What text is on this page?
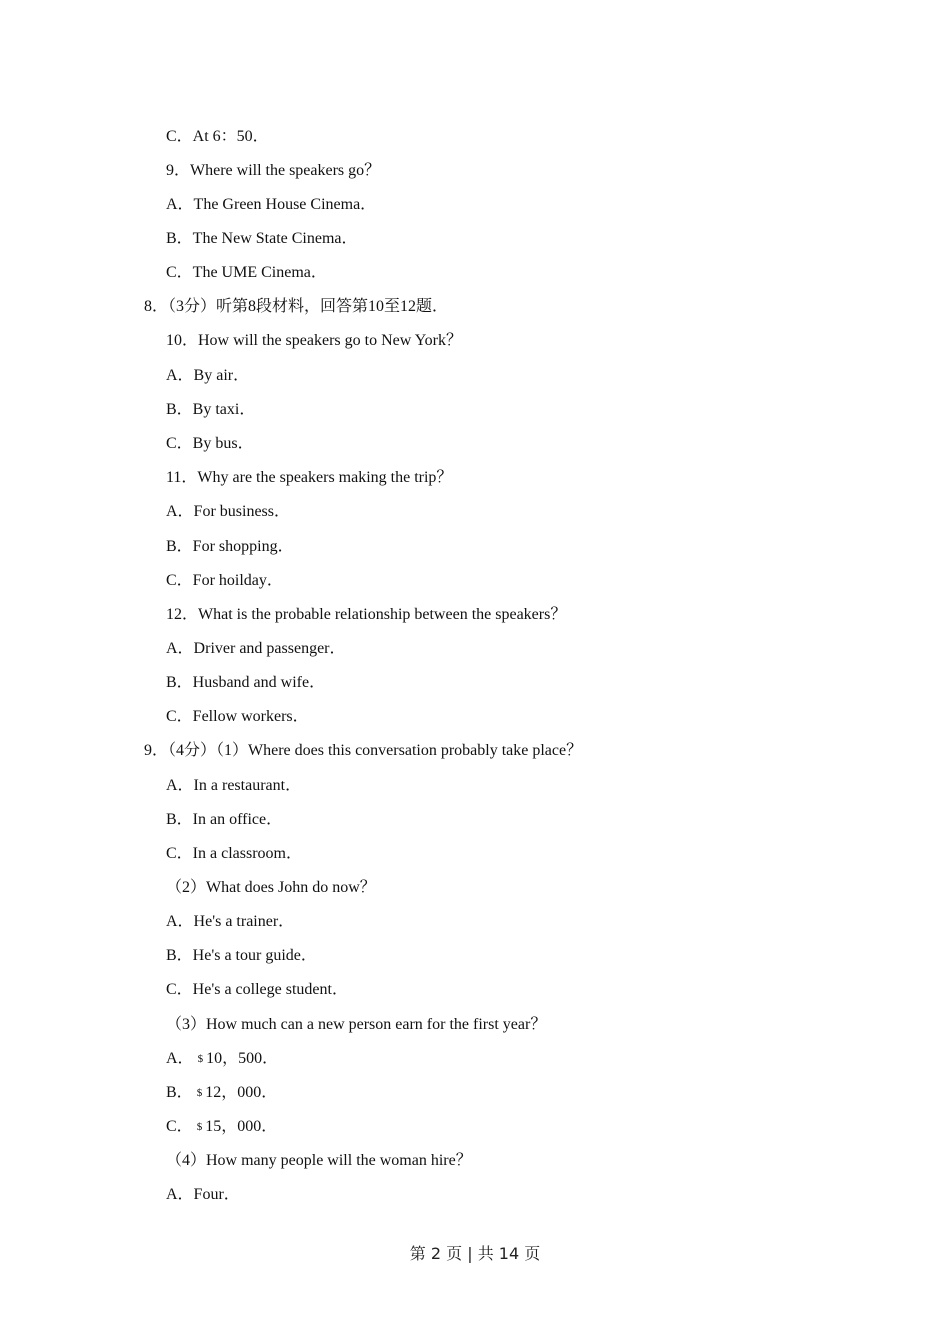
C．At 6：50．
9．Where will the speakers go？
A．The Green House Cinema．
B．The New State Cinema．
C．The UME Cinema．
8．（3分）听第8段材料，回答第10至12题．
10．How will the speakers go to New York？
A．By air．
B．By taxi．
C．By bus．
11．Why are the speakers making the trip？
A．For business．
B．For shopping．
C．For hoilday．
12．What is the probable relationship between the speakers？
A．Driver and passenger．
B．Husband and wife．
C．Fellow workers．
9．（4分）（1）Where does this conversation probably take place？
A．In a restaurant．
B．In an office．
C．In a classroom．
（2）What does John do now？
A．He's a trainer．
B．He's a tour guide．
C．He's a college student．
（3）How much can a new person earn for the first year？
A． $ 10，500．
B． $ 12，000．
C． $ 15，000．
（4）How many people will the woman hire？
A．Four．
第 2 页 | 共 14 页
